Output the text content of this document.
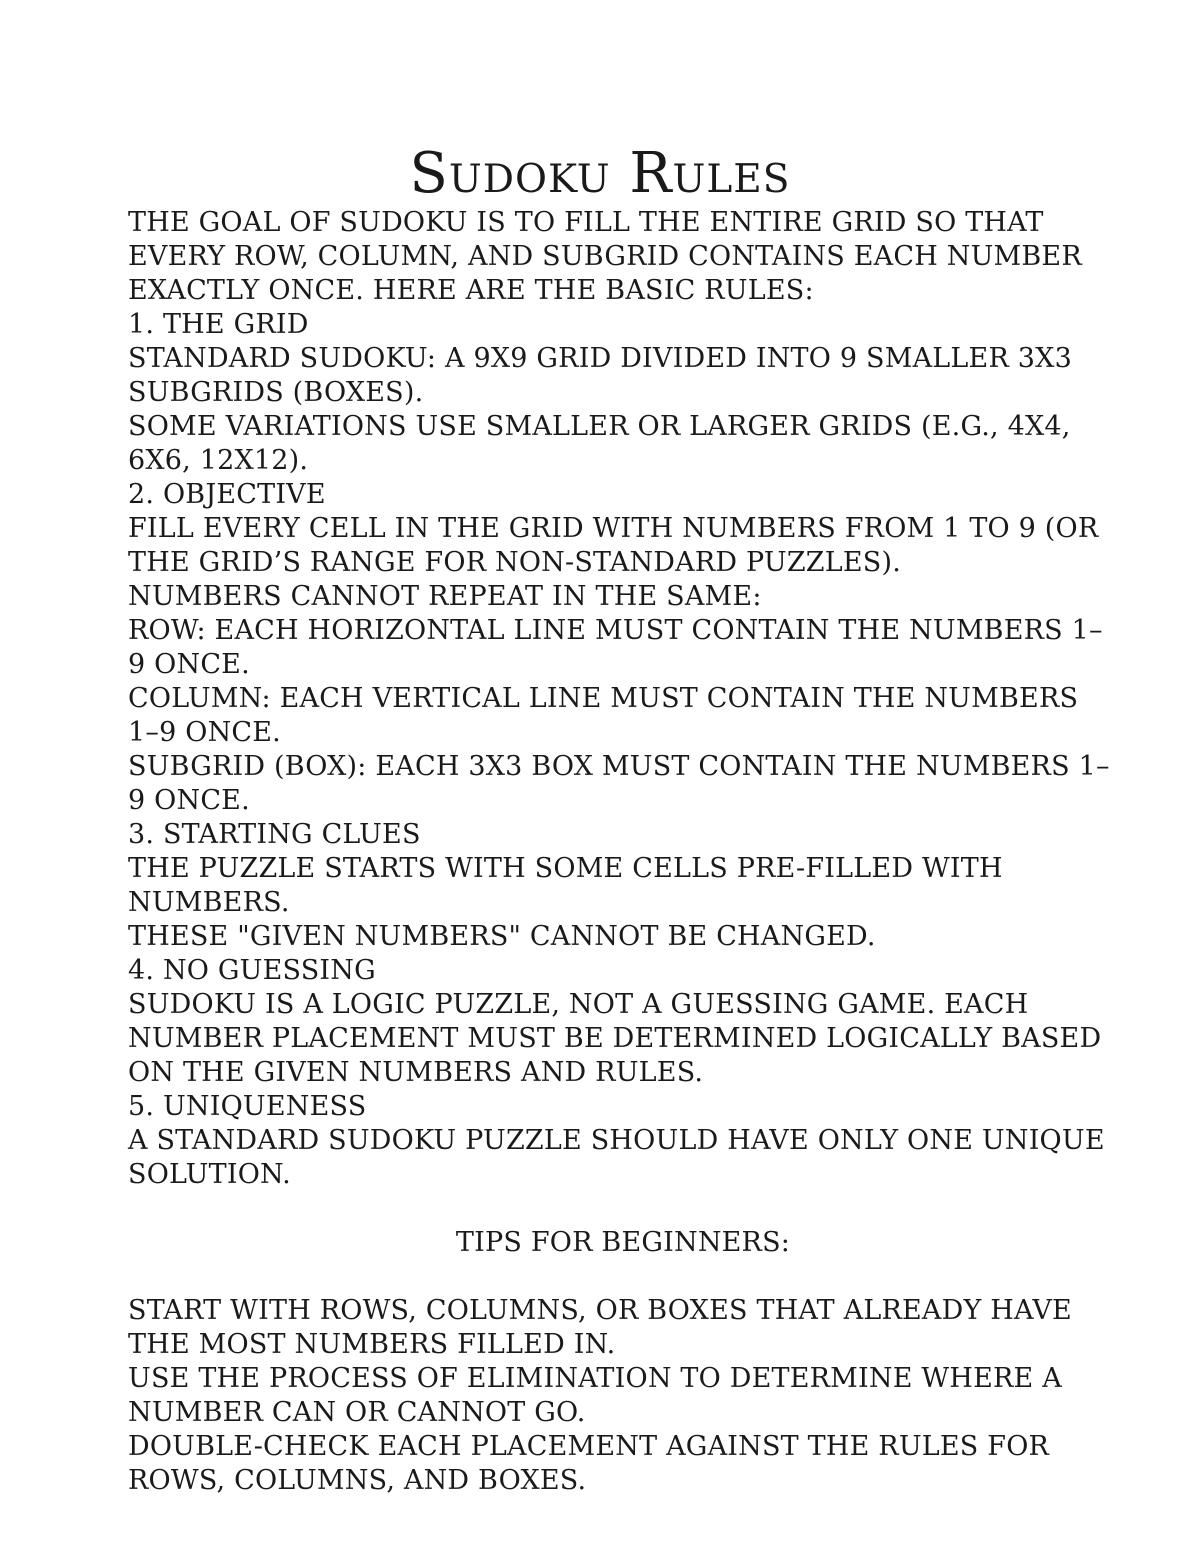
Sudoku Rules

THE GOAL OF SUDOKU IS TO FILL THE ENTIRE GRID SO THAT EVERY ROW, COLUMN, AND SUBGRID CONTAINS EACH NUMBER EXACTLY ONCE. HERE ARE THE BASIC RULES:

1. THE GRID

STANDARD SUDOKU: A 9X9 GRID DIVIDED INTO 9 SMALLER 3X3 SUBGRIDS (BOXES).

SOME VARIATIONS USE SMALLER OR LARGER GRIDS (E.G., 4X4, 6X6, 12X12).

2. OBJECTIVE

FILL EVERY CELL IN THE GRID WITH NUMBERS FROM 1 TO 9 (OR THE GRID’S RANGE FOR NON-STANDARD PUZZLES).

NUMBERS CANNOT REPEAT IN THE SAME:

ROW: EACH HORIZONTAL LINE MUST CONTAIN THE NUMBERS 1–9 ONCE.

COLUMN: EACH VERTICAL LINE MUST CONTAIN THE NUMBERS 1–9 ONCE.

SUBGRID (BOX): EACH 3X3 BOX MUST CONTAIN THE NUMBERS 1–9 ONCE.

3. STARTING CLUES

THE PUZZLE STARTS WITH SOME CELLS PRE-FILLED WITH NUMBERS.

THESE "GIVEN NUMBERS" CANNOT BE CHANGED.

4. NO GUESSING

SUDOKU IS A LOGIC PUZZLE, NOT A GUESSING GAME. EACH NUMBER PLACEMENT MUST BE DETERMINED LOGICALLY BASED ON THE GIVEN NUMBERS AND RULES.

5. UNIQUENESS

A STANDARD SUDOKU PUZZLE SHOULD HAVE ONLY ONE UNIQUE SOLUTION.

TIPS FOR BEGINNERS:

START WITH ROWS, COLUMNS, OR BOXES THAT ALREADY HAVE THE MOST NUMBERS FILLED IN.

USE THE PROCESS OF ELIMINATION TO DETERMINE WHERE A NUMBER CAN OR CANNOT GO.

DOUBLE-CHECK EACH PLACEMENT AGAINST THE RULES FOR ROWS, COLUMNS, AND BOXES.
